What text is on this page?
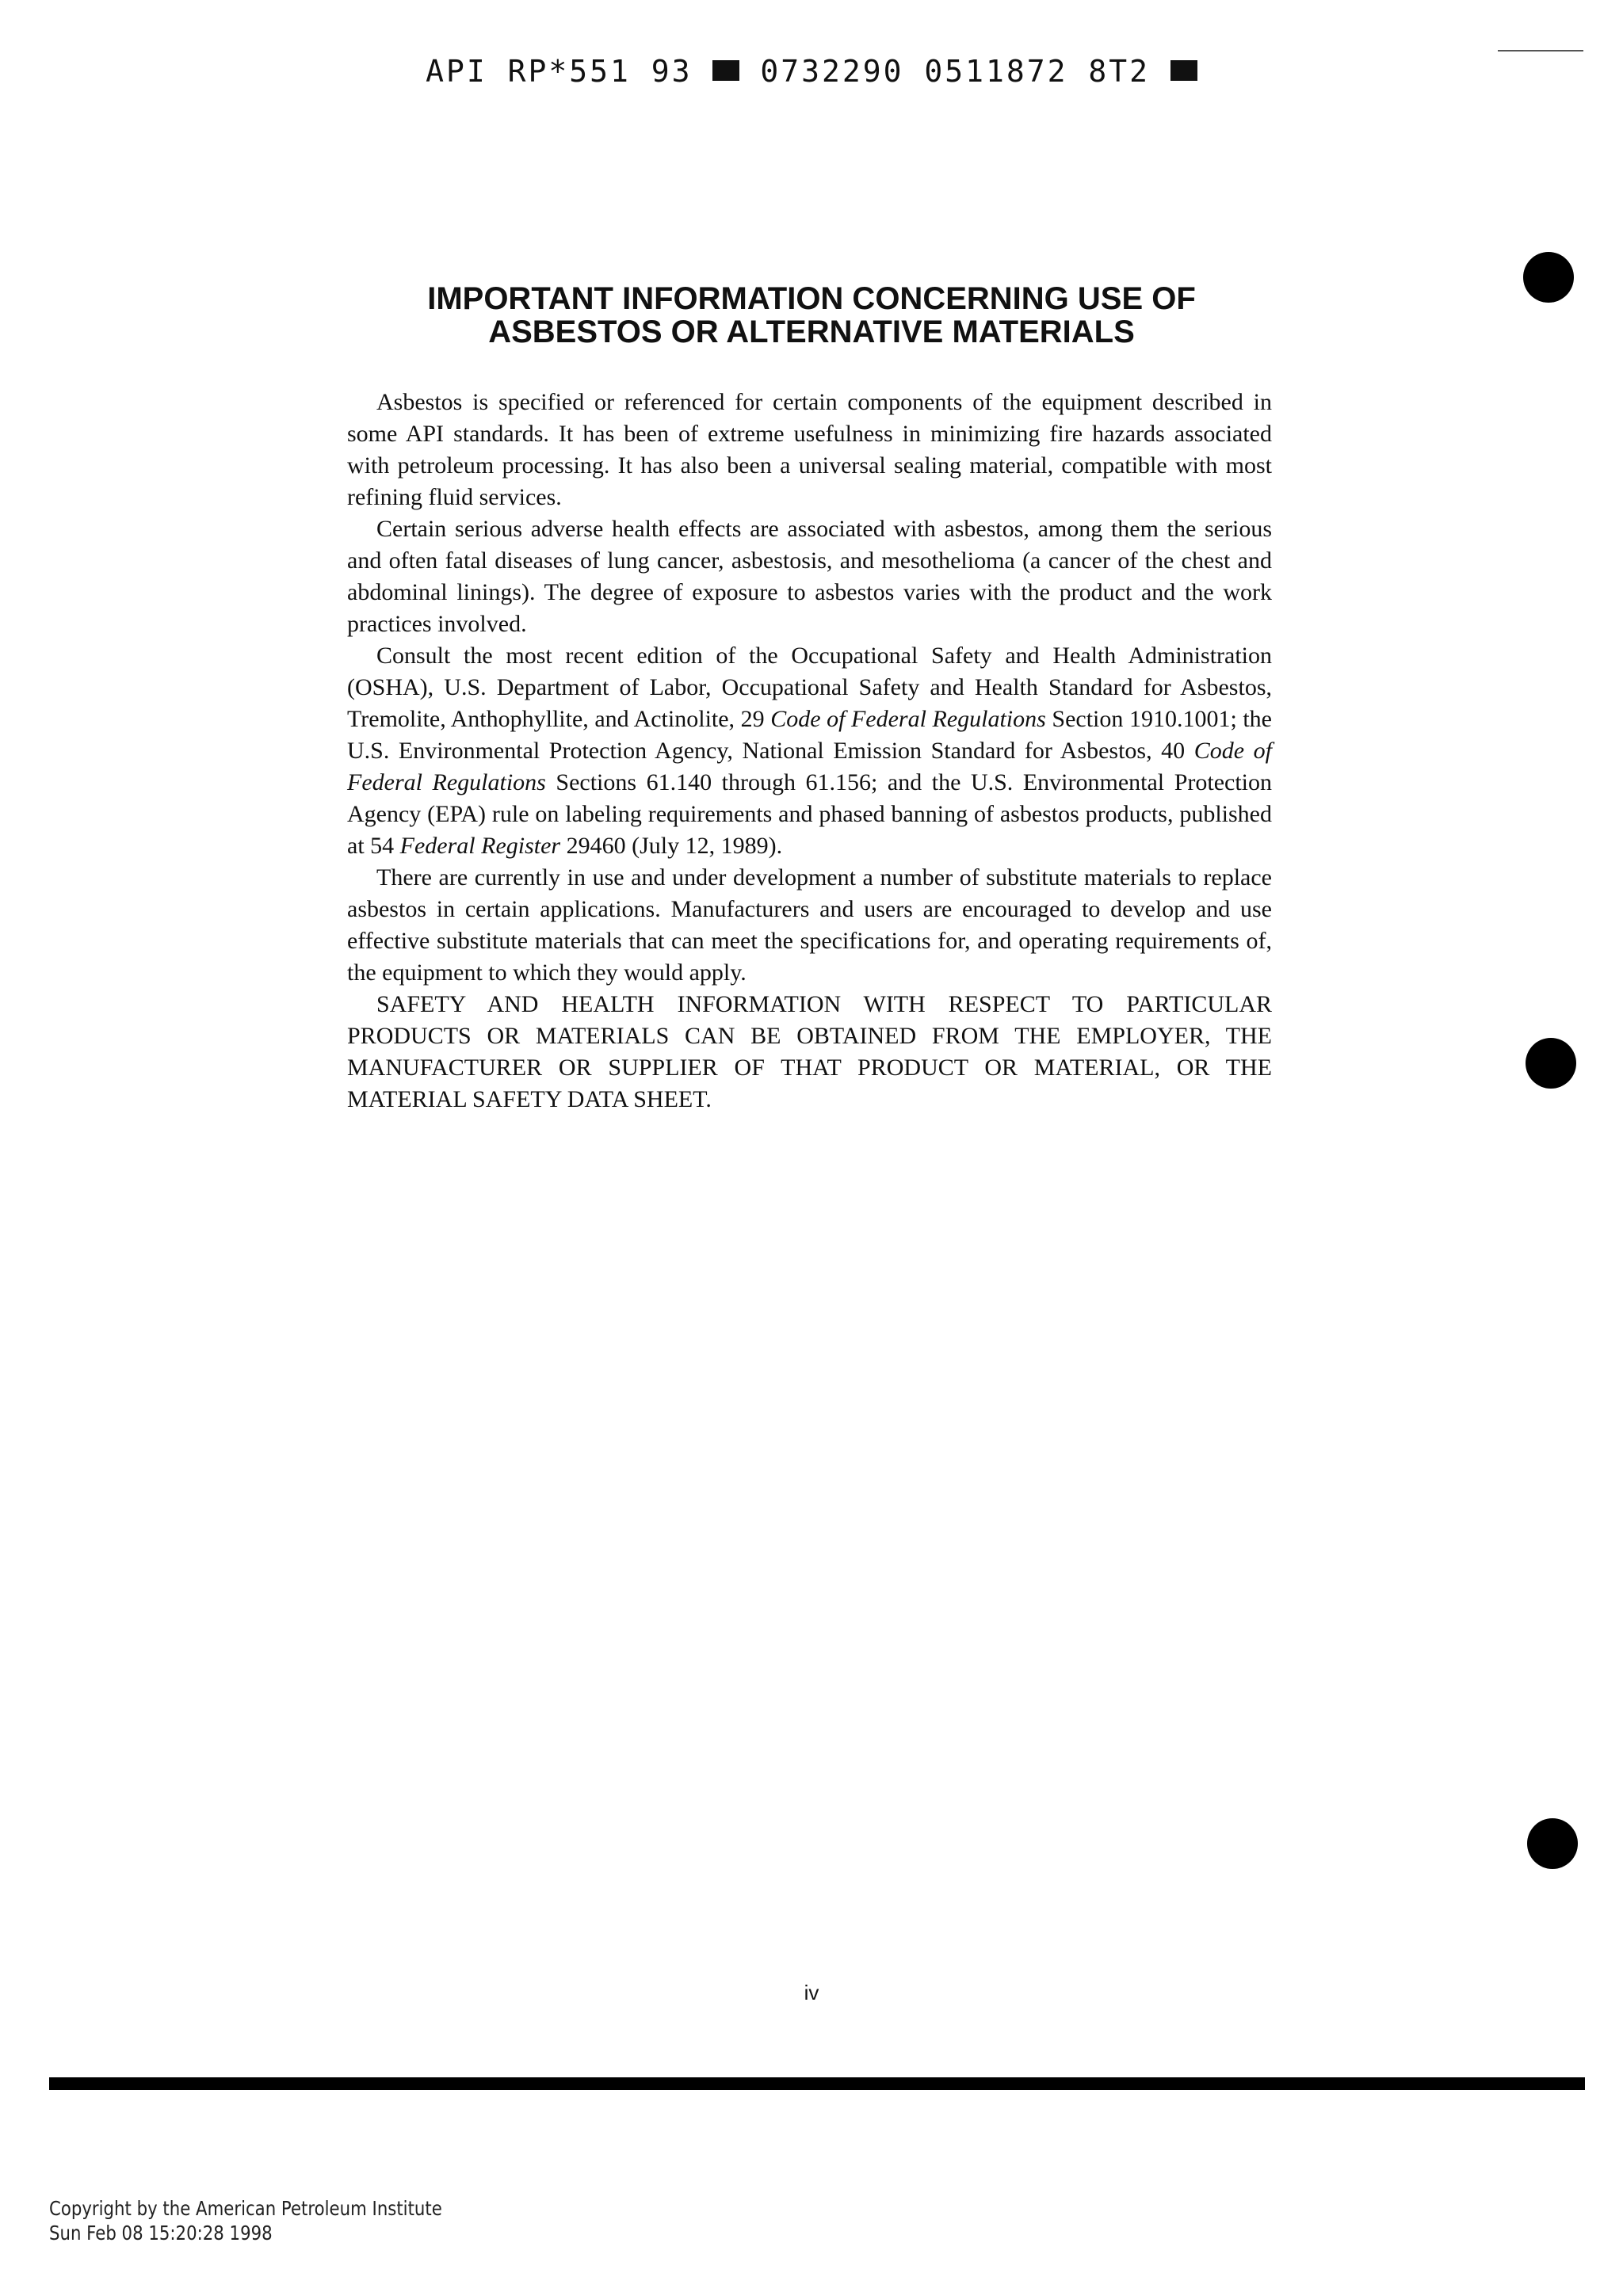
API RP*551 93 0732290 0511872 8T2
IMPORTANT INFORMATION CONCERNING USE OF
ASBESTOS OR ALTERNATIVE MATERIALS

Asbestos is specified or referenced for certain components of the equipment described in some API standards. It has been of extreme usefulness in minimizing fire hazards associated with petroleum processing. It has also been a universal sealing material, compatible with most refining fluid services.

Certain serious adverse health effects are associated with asbestos, among them the serious and often fatal diseases of lung cancer, asbestosis, and mesothelioma (a cancer of the chest and abdominal linings). The degree of exposure to asbestos varies with the product and the work practices involved.

Consult the most recent edition of the Occupational Safety and Health Administration (OSHA), U.S. Department of Labor, Occupational Safety and Health Standard for Asbestos, Tremolite, Anthophyllite, and Actinolite, 29 Code of Federal Regulations Section 1910.1001; the U.S. Environmental Protection Agency, National Emission Standard for Asbestos, 40 Code of Federal Regulations Sections 61.140 through 61.156; and the U.S. Environmental Protection Agency (EPA) rule on labeling requirements and phased banning of asbestos products, published at 54 Federal Register 29460 (July 12, 1989).

There are currently in use and under development a number of substitute materials to replace asbestos in certain applications. Manufacturers and users are encouraged to develop and use effective substitute materials that can meet the specifications for, and operating requirements of, the equipment to which they would apply.

SAFETY AND HEALTH INFORMATION WITH RESPECT TO PARTICULAR PRODUCTS OR MATERIALS CAN BE OBTAINED FROM THE EMPLOYER, THE MANUFACTURER OR SUPPLIER OF THAT PRODUCT OR MATERIAL, OR THE MATERIAL SAFETY DATA SHEET.

iv
Copyright by the American Petroleum Institute
Sun Feb 08 15:20:28 1998
